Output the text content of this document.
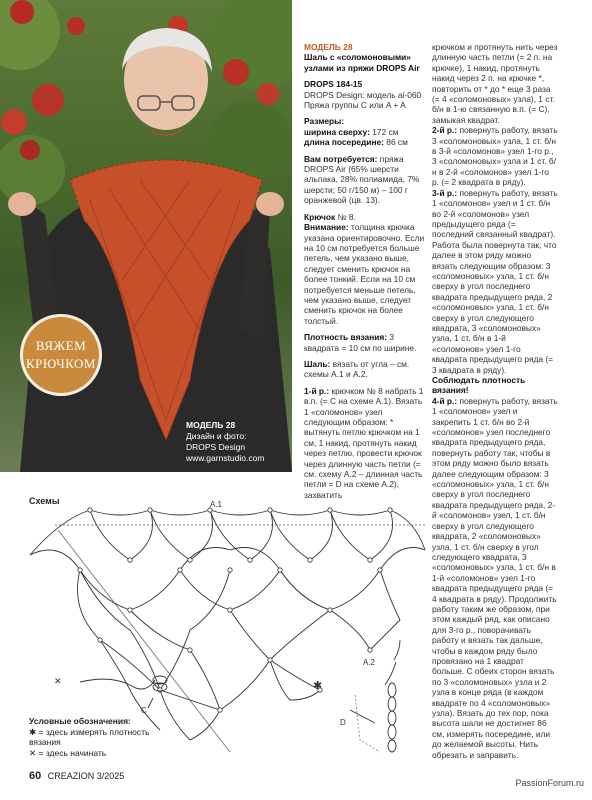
ВЯЖЕМ
КРЮЧКОМ
МОДЕЛЬ 28
Дизайн и фото:
DROPS Design
www.garnstudio.com
МОДЕЛЬ 28

Шаль с «соломоновыми» узлами из пряжи DROPS Air

DROPS 184-15
DROPS Design: модель ai-060

Пряжа группы C или A + A

Размеры:
ширина сверху: 172 см

длина посередине: 86 см

Вам потребуется: пряжа DROPS Air (65% шерсти альпака, 28% полиамида, 7% шерсти; 50 г/150 м) – 100 г оранжевой (цв. 13).

Крючок № 8.

Внимание: толщина крючка указана ориентировочно. Если на 10 см потребуется больше петель, чем указано выше, следует сменить крючок на более тонкий. Если на 10 см потребуется меньше петель, чем указано выше, следует сменить крючок на более толстый.

Плотность вязания: 3 квадрата = 10 см по ширине.

Шаль: вязать от угла – см. схемы A.1 и A.2.

1-й р.: крючком № 8 набрать 1 в.п. (= C на схеме A.1). Вязать 1 «соломонов» узел следующим образом: * вытянуть петлю крючком на 1 см, 1 накид, протянуть накид через петлю, провести крючок через длинную часть петли (= см. схему A.2 – длинная часть петли = D на схеме A.2), захватить
крючком и протянуть нить через длинную часть петли (= 2 п. на крючке), 1 накид, протянуть накид через 2 п. на крючке *, повторить от * до * еще 3 раза (= 4 «соломоновых» узла), 1 ст. б/н в 1-ю связанную в.п. (= C), замыкая квадрат.
2-й р.: повернуть работу, вязать 3 «соломоновых» узла, 1 ст. б/н в 3-й «соломонов» узел 1-го р., 3 «соломоновых» узла и 1 ст. б/н в 2-й «соломонов» узел 1-го р. (= 2 квадрата в ряду).
3-й р.: повернуть работу, вязать 1 «соломонов» узел и 1 ст. б/н во 2-й «соломонов» узел предыдущего ряда (= последний связанный квадрат). Работа была повернута так, что далее в этом ряду можно вязать следующим образом: 3 «соломоновых» узла, 1 ст. б/н сверху в угол последнего квадрата предыдущего ряда, 2 «соломоновых» узла, 1 ст. б/н сверху в угол следующего квадрата, 3 «соломоновых» узла, 1 ст. б/н в 1-й «соломонов» узел 1-го квадрата предыдущего ряда (= 3 квадрата в ряду).
Соблюдать плотность вязания!
4-й р.: повернуть работу, вязать 1 «соломонов» узел и закрепить 1 ст. б/н во 2-й «соломонов» узел последнего квадрата предыдущего ряда, повернуть работу так, чтобы в этом ряду можно было вязать далее следующим образом: 3 «соломоновых» узла, 1 ст. б/н сверху в угол последнего квадрата предыдущего ряда, 2-й «соломонов» узел, 1 ст. б/н сверху в угол следующего квадрата, 2 «соломоновых» узла, 1 ст. б/н сверху в угол следующего квадрата, 3 «соломоновых» узла, 1 ст. б/н в 1-й «соломонов» узел 1-го квадрата предыдущего ряда (= 4 квадрата в ряду). Продолжить работу таким же образом, при этом каждый ряд, как описано для 3-го р., поворачивать работу и вязать так дальше, чтобы в каждом ряду было провязано на 1 квадрат больше. С обеих сторон вязать по 3 «соломоновых» узла и 2 узла в конце ряда (в каждом квадрате по 4 «соломоновых» узла). Вязать до тех пор, пока высота шали не достигнет 86 см, измерять посередине, или до желаемой высоты. Нить обрезать и заправить.
Схемы	A.1
A.2
C
D
✱
✕
Условные обозначения:
✱ = здесь измерять плотность вязания
✕ = здесь начинать
60 CREAZION 3/2025
PassionForum.ru
